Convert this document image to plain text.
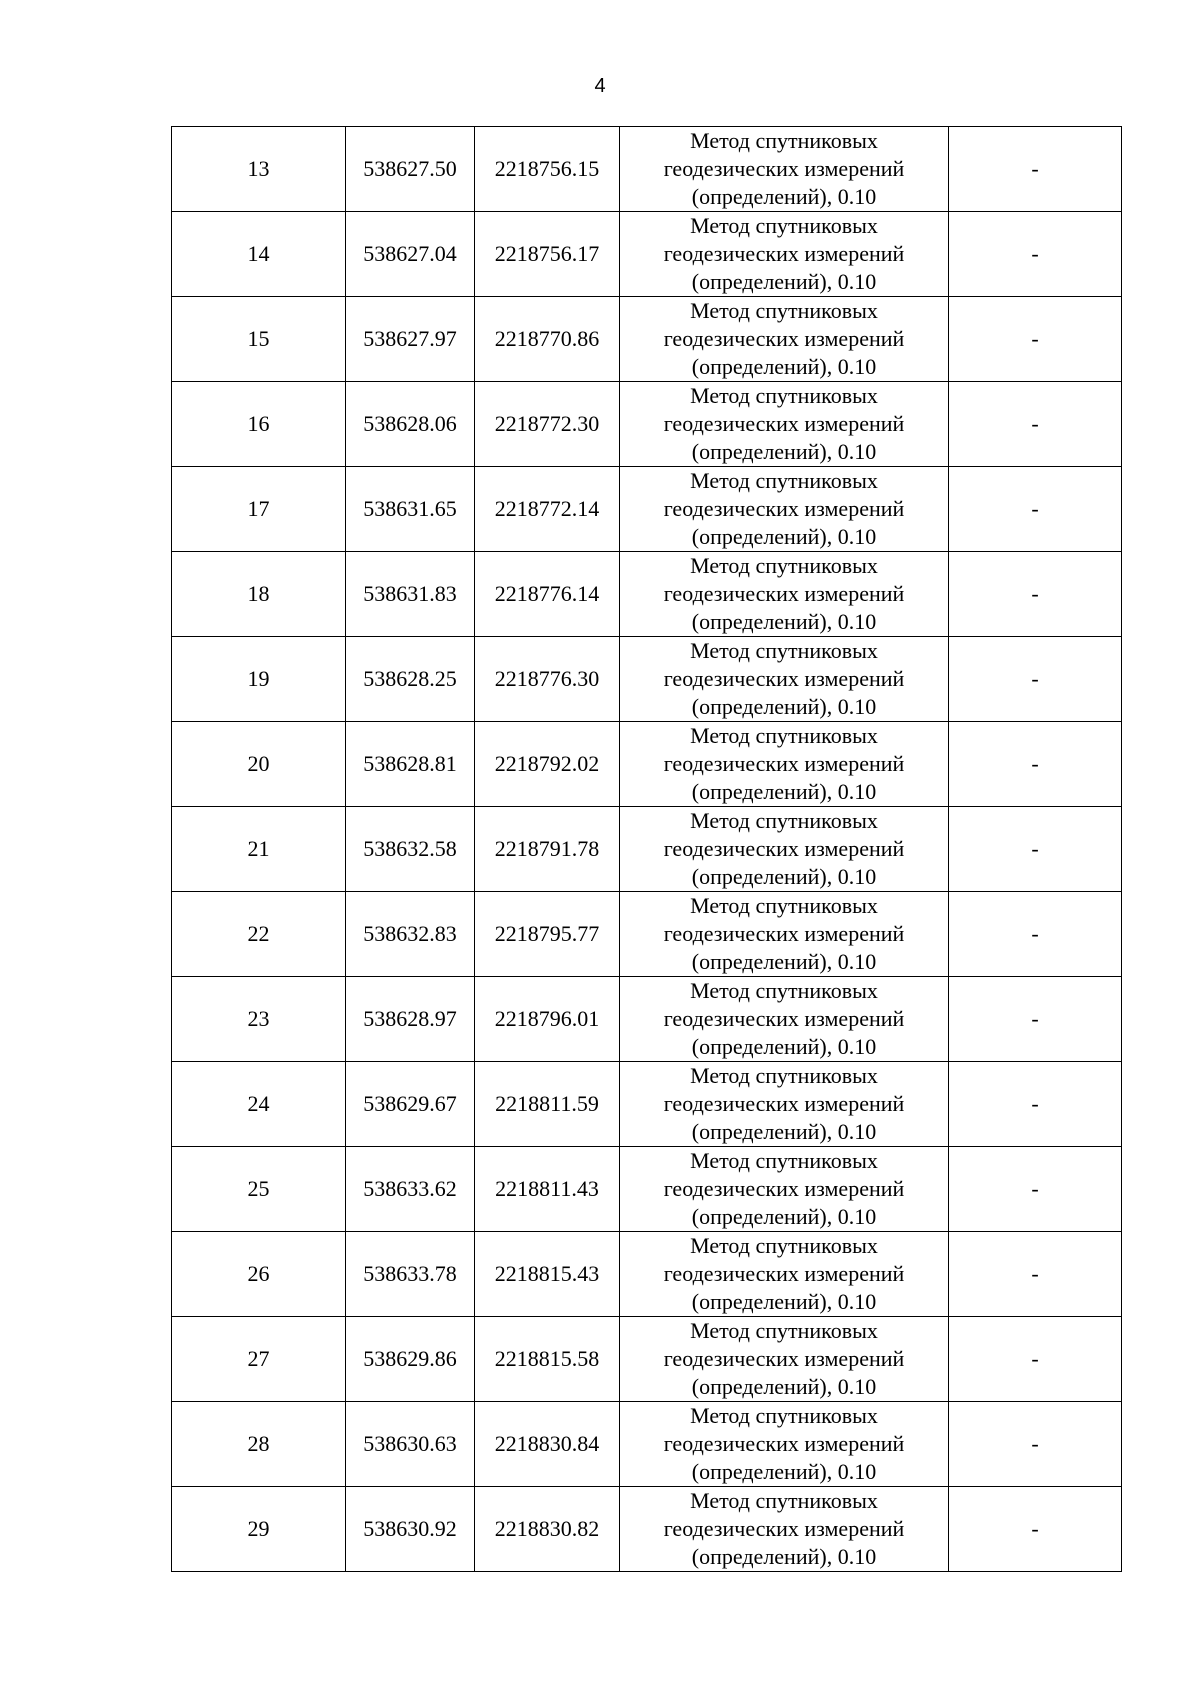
4
13	538627.50	2218756.15	Метод спутниковых
геодезических измерений
(определений), 0.10	-
14	538627.04	2218756.17	Метод спутниковых
геодезических измерений
(определений), 0.10	-
15	538627.97	2218770.86	Метод спутниковых
геодезических измерений
(определений), 0.10	-
16	538628.06	2218772.30	Метод спутниковых
геодезических измерений
(определений), 0.10	-
17	538631.65	2218772.14	Метод спутниковых
геодезических измерений
(определений), 0.10	-
18	538631.83	2218776.14	Метод спутниковых
геодезических измерений
(определений), 0.10	-
19	538628.25	2218776.30	Метод спутниковых
геодезических измерений
(определений), 0.10	-
20	538628.81	2218792.02	Метод спутниковых
геодезических измерений
(определений), 0.10	-
21	538632.58	2218791.78	Метод спутниковых
геодезических измерений
(определений), 0.10	-
22	538632.83	2218795.77	Метод спутниковых
геодезических измерений
(определений), 0.10	-
23	538628.97	2218796.01	Метод спутниковых
геодезических измерений
(определений), 0.10	-
24	538629.67	2218811.59	Метод спутниковых
геодезических измерений
(определений), 0.10	-
25	538633.62	2218811.43	Метод спутниковых
геодезических измерений
(определений), 0.10	-
26	538633.78	2218815.43	Метод спутниковых
геодезических измерений
(определений), 0.10	-
27	538629.86	2218815.58	Метод спутниковых
геодезических измерений
(определений), 0.10	-
28	538630.63	2218830.84	Метод спутниковых
геодезических измерений
(определений), 0.10	-
29	538630.92	2218830.82	Метод спутниковых
геодезических измерений
(определений), 0.10	-
